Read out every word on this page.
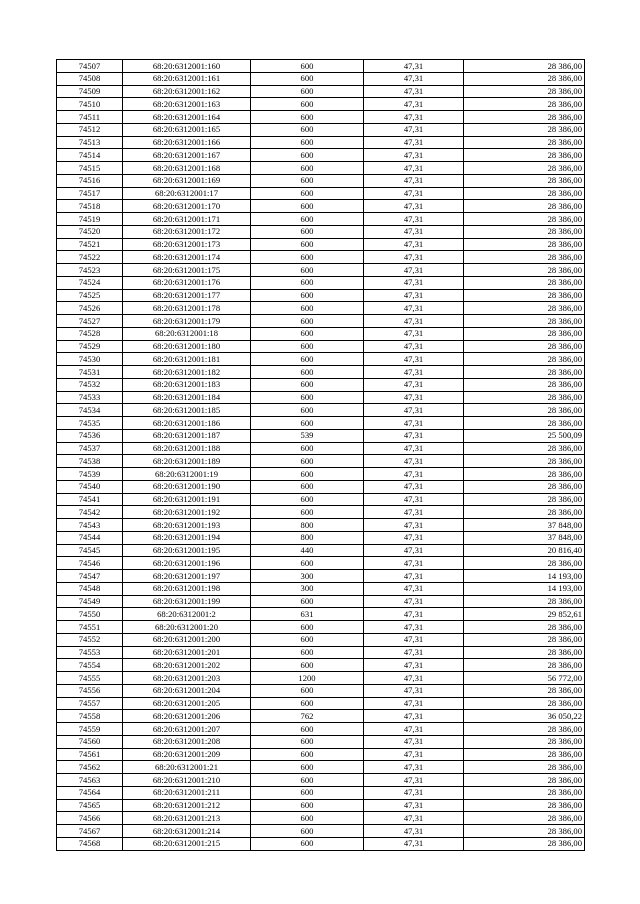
74507	68:20:6312001:160	600	47,31	28 386,00
74508	68:20:6312001:161	600	47,31	28 386,00
74509	68:20:6312001:162	600	47,31	28 386,00
74510	68:20:6312001:163	600	47,31	28 386,00
74511	68:20:6312001:164	600	47,31	28 386,00
74512	68:20:6312001:165	600	47,31	28 386,00
74513	68:20:6312001:166	600	47,31	28 386,00
74514	68:20:6312001:167	600	47,31	28 386,00
74515	68:20:6312001:168	600	47,31	28 386,00
74516	68:20:6312001:169	600	47,31	28 386,00
74517	68:20:6312001:17	600	47,31	28 386,00
74518	68:20:6312001:170	600	47,31	28 386,00
74519	68:20:6312001:171	600	47,31	28 386,00
74520	68:20:6312001:172	600	47,31	28 386,00
74521	68:20:6312001:173	600	47,31	28 386,00
74522	68:20:6312001:174	600	47,31	28 386,00
74523	68:20:6312001:175	600	47,31	28 386,00
74524	68:20:6312001:176	600	47,31	28 386,00
74525	68:20:6312001:177	600	47,31	28 386,00
74526	68:20:6312001:178	600	47,31	28 386,00
74527	68:20:6312001:179	600	47,31	28 386,00
74528	68:20:6312001:18	600	47,31	28 386,00
74529	68:20:6312001:180	600	47,31	28 386,00
74530	68:20:6312001:181	600	47,31	28 386,00
74531	68:20:6312001:182	600	47,31	28 386,00
74532	68:20:6312001:183	600	47,31	28 386,00
74533	68:20:6312001:184	600	47,31	28 386,00
74534	68:20:6312001:185	600	47,31	28 386,00
74535	68:20:6312001:186	600	47,31	28 386,00
74536	68:20:6312001:187	539	47,31	25 500,09
74537	68:20:6312001:188	600	47,31	28 386,00
74538	68:20:6312001:189	600	47,31	28 386,00
74539	68:20:6312001:19	600	47,31	28 386,00
74540	68:20:6312001:190	600	47,31	28 386,00
74541	68:20:6312001:191	600	47,31	28 386,00
74542	68:20:6312001:192	600	47,31	28 386,00
74543	68:20:6312001:193	800	47,31	37 848,00
74544	68:20:6312001:194	800	47,31	37 848,00
74545	68:20:6312001:195	440	47,31	20 816,40
74546	68:20:6312001:196	600	47,31	28 386,00
74547	68:20:6312001:197	300	47,31	14 193,00
74548	68:20:6312001:198	300	47,31	14 193,00
74549	68:20:6312001:199	600	47,31	28 386,00
74550	68:20:6312001:2	631	47,31	29 852,61
74551	68:20:6312001:20	600	47,31	28 386,00
74552	68:20:6312001:200	600	47,31	28 386,00
74553	68:20:6312001:201	600	47,31	28 386,00
74554	68:20:6312001:202	600	47,31	28 386,00
74555	68:20:6312001:203	1200	47,31	56 772,00
74556	68:20:6312001:204	600	47,31	28 386,00
74557	68:20:6312001:205	600	47,31	28 386,00
74558	68:20:6312001:206	762	47,31	36 050,22
74559	68:20:6312001:207	600	47,31	28 386,00
74560	68:20:6312001:208	600	47,31	28 386,00
74561	68:20:6312001:209	600	47,31	28 386,00
74562	68:20:6312001:21	600	47,31	28 386,00
74563	68:20:6312001:210	600	47,31	28 386,00
74564	68:20:6312001:211	600	47,31	28 386,00
74565	68:20:6312001:212	600	47,31	28 386,00
74566	68:20:6312001:213	600	47,31	28 386,00
74567	68:20:6312001:214	600	47,31	28 386,00
74568	68:20:6312001:215	600	47,31	28 386,00
